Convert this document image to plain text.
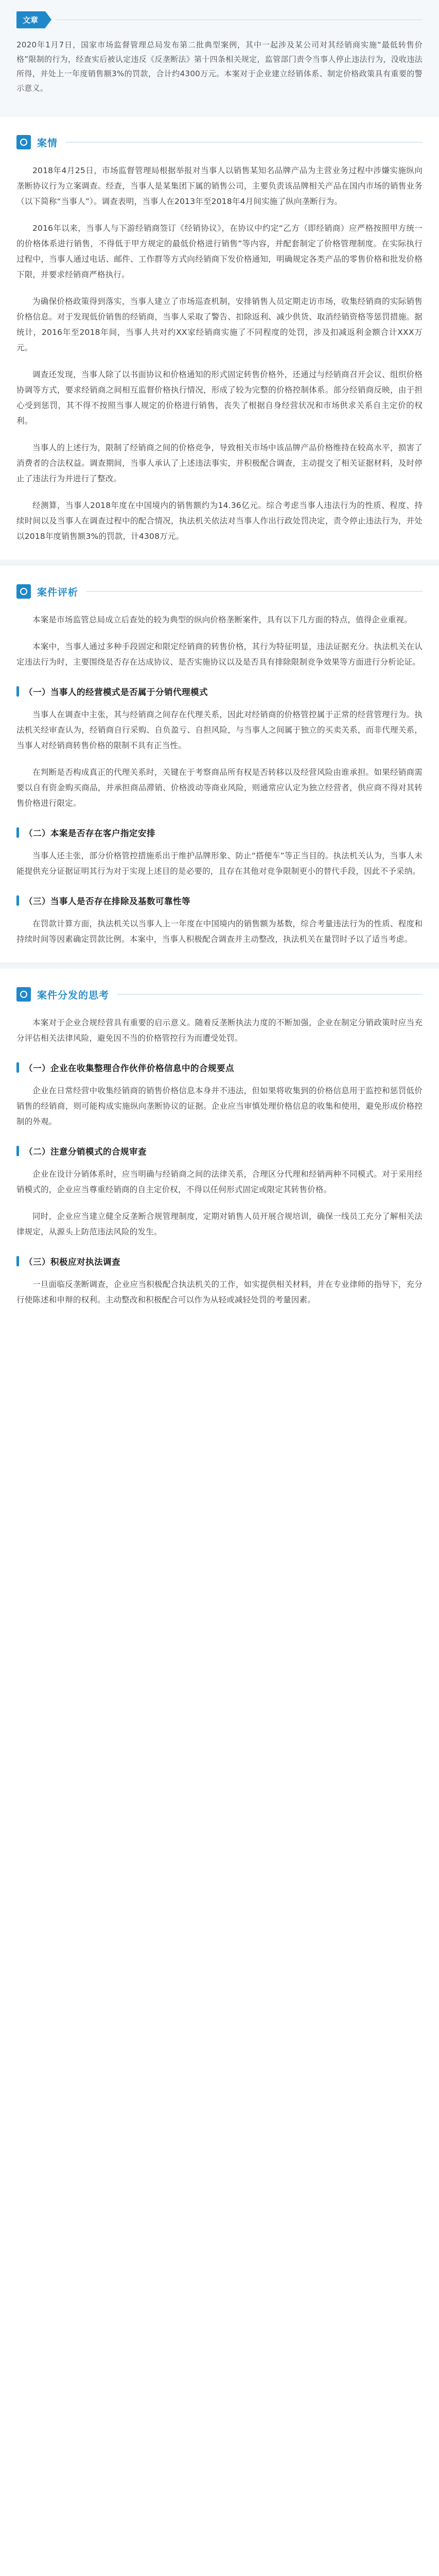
文章

2020年1月7日，国家市场监督管理总局发布第二批典型案例，其中一起涉及某公司对其经销商实施“最低转售价格”限制的行为，经查实后被认定违反《反垄断法》第十四条相关规定，监管部门责令当事人停止违法行为，没收违法所得，并处上一年度销售额3%的罚款，合计约4300万元。本案对于企业建立经销体系、制定价格政策具有重要的警示意义。

案情

2018年4月25日，市场监督管理局根据举报对当事人以销售某知名品牌产品为主营业务过程中涉嫌实施纵向垄断协议行为立案调查。经查，当事人是某集团下属的销售公司，主要负责该品牌相关产品在国内市场的销售业务（以下简称“当事人”）。调查表明，当事人在2013年至2018年4月间实施了纵向垄断行为。

2016年以来，当事人与下游经销商签订《经销协议》，在协议中约定“乙方（即经销商）应严格按照甲方统一的价格体系进行销售，不得低于甲方规定的最低价格进行销售”等内容，并配套制定了价格管理制度。在实际执行过程中，当事人通过电话、邮件、工作群等方式向经销商下发价格通知，明确规定各类产品的零售价格和批发价格下限，并要求经销商严格执行。

为确保价格政策得到落实，当事人建立了市场巡查机制，安排销售人员定期走访市场，收集经销商的实际销售价格信息。对于发现低价销售的经销商，当事人采取了警告、扣除返利、减少供货、取消经销资格等惩罚措施。据统计，2016年至2018年间，当事人共对约XX家经销商实施了不同程度的处罚，涉及扣减返利金额合计XXX万元。

调查还发现，当事人除了以书面协议和价格通知的形式固定转售价格外，还通过与经销商召开会议、组织价格协调等方式，要求经销商之间相互监督价格执行情况，形成了较为完整的价格控制体系。部分经销商反映，由于担心受到惩罚，其不得不按照当事人规定的价格进行销售，丧失了根据自身经营状况和市场供求关系自主定价的权利。

当事人的上述行为，限制了经销商之间的价格竞争，导致相关市场中该品牌产品价格维持在较高水平，损害了消费者的合法权益。调查期间，当事人承认了上述违法事实，并积极配合调查，主动提交了相关证据材料，及时停止了违法行为并进行了整改。

经测算，当事人2018年度在中国境内的销售额约为14.36亿元。综合考虑当事人违法行为的性质、程度、持续时间以及当事人在调查过程中的配合情况，执法机关依法对当事人作出行政处罚决定，责令停止违法行为，并处以2018年度销售额3%的罚款，计4308万元。

案件评析

本案是市场监管总局成立后查处的较为典型的纵向价格垄断案件，具有以下几方面的特点，值得企业重视。

本案中，当事人通过多种手段固定和限定经销商的转售价格，其行为特征明显，违法证据充分。执法机关在认定违法行为时，主要围绕是否存在达成协议、是否实施协议以及是否具有排除限制竞争效果等方面进行分析论证。

（一）当事人的经营模式是否属于分销代理模式

当事人在调查中主张，其与经销商之间存在代理关系，因此对经销商的价格管控属于正常的经营管理行为。执法机关经审查认为，经销商自行采购、自负盈亏、自担风险，与当事人之间属于独立的买卖关系，而非代理关系，当事人对经销商转售价格的限制不具有正当性。

在判断是否构成真正的代理关系时，关键在于考察商品所有权是否转移以及经营风险由谁承担。如果经销商需要以自有资金购买商品，并承担商品滞销、价格波动等商业风险，则通常应认定为独立经营者，供应商不得对其转售价格进行限定。

（二）本案是否存在客户指定安排

当事人还主张，部分价格管控措施系出于维护品牌形象、防止“搭便车”等正当目的。执法机关认为，当事人未能提供充分证据证明其行为对于实现上述目的是必要的，且存在其他对竞争限制更小的替代手段，因此不予采纳。

（三）当事人是否存在排除及基数可靠性等

在罚款计算方面，执法机关以当事人上一年度在中国境内的销售额为基数，综合考量违法行为的性质、程度和持续时间等因素确定罚款比例。本案中，当事人积极配合调查并主动整改，执法机关在量罚时予以了适当考虑。

案件分发的思考

本案对于企业合规经营具有重要的启示意义。随着反垄断执法力度的不断加强，企业在制定分销政策时应当充分评估相关法律风险，避免因不当的价格管控行为而遭受处罚。

（一）企业在收集整理合作伙伴价格信息中的合规要点

企业在日常经营中收集经销商的销售价格信息本身并不违法，但如果将收集到的价格信息用于监控和惩罚低价销售的经销商，则可能构成实施纵向垄断协议的证据。企业应当审慎处理价格信息的收集和使用，避免形成价格控制的外观。

（二）注意分销模式的合规审查

企业在设计分销体系时，应当明确与经销商之间的法律关系，合理区分代理和经销两种不同模式。对于采用经销模式的，企业应当尊重经销商的自主定价权，不得以任何形式固定或限定其转售价格。

同时，企业应当建立健全反垄断合规管理制度，定期对销售人员开展合规培训，确保一线员工充分了解相关法律规定，从源头上防范违法风险的发生。

（三）积极应对执法调查

一旦面临反垄断调查，企业应当积极配合执法机关的工作，如实提供相关材料，并在专业律师的指导下，充分行使陈述和申辩的权利。主动整改和积极配合可以作为从轻或减轻处罚的考量因素。
